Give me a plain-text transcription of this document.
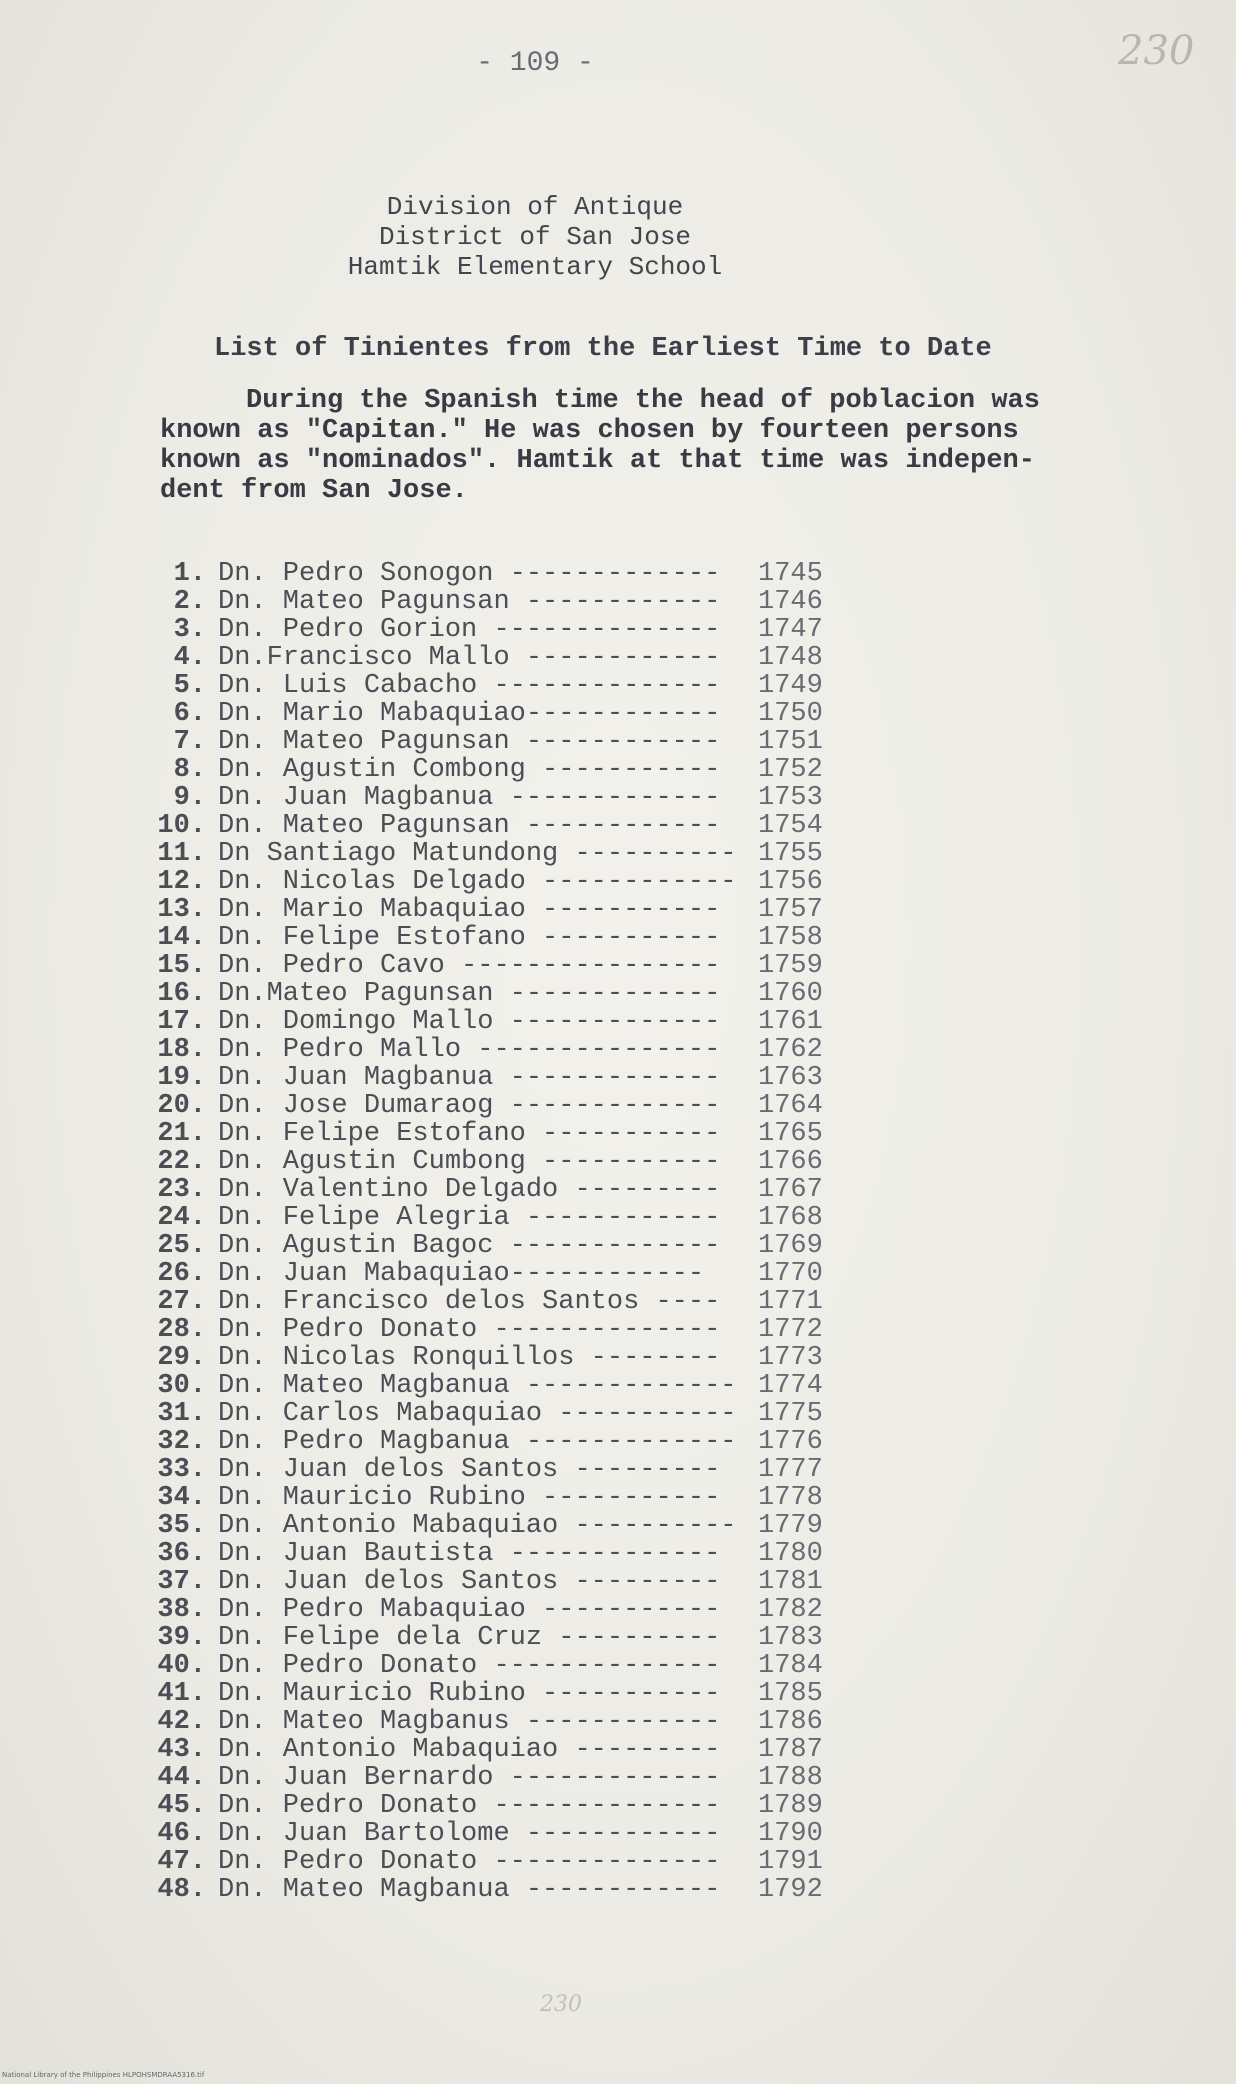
- 109 -	230
Division of Antique
District of San Jose
Hamtik Elementary School
List of Tinientes from the Earliest Time to Date
During the Spanish time the head of poblacion was
known as "Capitan." He was chosen by fourteen persons
known as "nominados". Hamtik at that time was indepen-
dent from San Jose.
1. Dn. Pedro Sonogon -------------	1745
2. Dn. Mateo Pagunsan ------------	1746
3. Dn. Pedro Gorion --------------	1747
4. Dn.Francisco Mallo ------------	1748
5. Dn. Luis Cabacho --------------	1749
6. Dn. Mario Mabaquiao------------	1750
7. Dn. Mateo Pagunsan ------------	1751
8. Dn. Agustin Combong -----------	1752
9. Dn. Juan Magbanua -------------	1753
10. Dn. Mateo Pagunsan ------------	1754
11. Dn Santiago Matundong ---------- 1755
12. Dn. Nicolas Delgado ------------ 1756
13. Dn. Mario Mabaquiao -----------	1757
14. Dn. Felipe Estofano -----------	1758
15. Dn. Pedro Cavo ----------------	1759
16. Dn.Mateo Pagunsan -------------	1760
17. Dn. Domingo Mallo -------------	1761
18. Dn. Pedro Mallo ---------------	1762
19. Dn. Juan Magbanua -------------	1763
20. Dn. Jose Dumaraog -------------	1764
21. Dn. Felipe Estofano -----------	1765
22. Dn. Agustin Cumbong -----------	1766
23. Dn. Valentino Delgado ---------	1767
24. Dn. Felipe Alegria ------------	1768
25. Dn. Agustin Bagoc -------------	1769
26. Dn. Juan Mabaquiao------------	1770
27. Dn. Francisco delos Santos ----	1771
28. Dn. Pedro Donato --------------	1772
29. Dn. Nicolas Ronquillos --------	1773
30. Dn. Mateo Magbanua ------------- 1774
31. Dn. Carlos Mabaquiao ----------- 1775
32. Dn. Pedro Magbanua ------------- 1776
33. Dn. Juan delos Santos ---------	1777
34. Dn. Mauricio Rubino -----------	1778
35. Dn. Antonio Mabaquiao ---------- 1779
36. Dn. Juan Bautista -------------	1780
37. Dn. Juan delos Santos ---------	1781
38. Dn. Pedro Mabaquiao -----------	1782
39. Dn. Felipe dela Cruz ----------	1783
40. Dn. Pedro Donato --------------	1784
41. Dn. Mauricio Rubino -----------	1785
42. Dn. Mateo Magbanus ------------	1786
43. Dn. Antonio Mabaquiao ---------	1787
44. Dn. Juan Bernardo -------------	1788
45. Dn. Pedro Donato --------------	1789
46. Dn. Juan Bartolome ------------	1790
47. Dn. Pedro Donato --------------	1791
48. Dn. Mateo Magbanua ------------	1792
230
National Library of the Philippines HLPOHSMDRAA5316.tif
